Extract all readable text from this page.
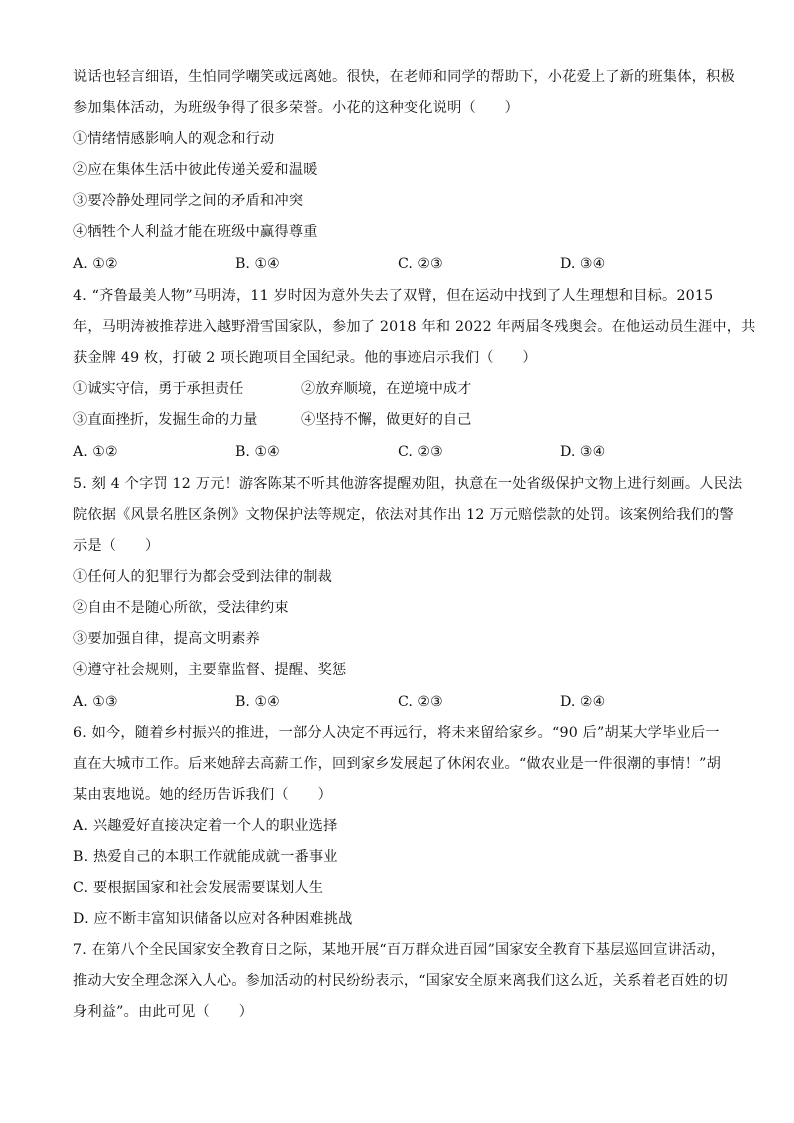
说话也轻言细语，生怕同学嘲笑或远离她。很快，在老师和同学的帮助下，小花爱上了新的班集体，积极
参加集体活动，为班级争得了很多荣誉。小花的这种变化说明（　　）
①情绪情感影响人的观念和行动
②应在集体生活中彼此传递关爱和温暖
③要冷静处理同学之间的矛盾和冲突
④牺牲个人利益才能在班级中赢得尊重
A. ①②	B. ①④	C. ②③	D. ③④
4. “齐鲁最美人物”马明涛，11 岁时因为意外失去了双臂，但在运动中找到了人生理想和目标。2015
年，马明涛被推荐进入越野滑雪国家队，参加了 2018 年和 2022 年两届冬残奥会。在他运动员生涯中，共
获金牌 49 枚，打破 2 项长跑项目全国纪录。他的事迹启示我们（　　）
①诚实守信，勇于承担责任	②放弃顺境，在逆境中成才
③直面挫折，发掘生命的力量	④坚持不懈，做更好的自己
A. ①②	B. ①④	C. ②③	D. ③④
5. 刻 4 个字罚 12 万元！游客陈某不听其他游客提醒劝阻，执意在一处省级保护文物上进行刻画。人民法
院依据《风景名胜区条例》文物保护法等规定，依法对其作出 12 万元赔偿款的处罚。该案例给我们的警
示是（　　）
①任何人的犯罪行为都会受到法律的制裁
②自由不是随心所欲，受法律约束
③要加强自律，提高文明素养
④遵守社会规则，主要靠监督、提醒、奖惩
A. ①③	B. ①④	C. ②③	D. ②④
6. 如今，随着乡村振兴的推进，一部分人决定不再远行，将未来留给家乡。“90 后”胡某大学毕业后一
直在大城市工作。后来她辞去高薪工作，回到家乡发展起了休闲农业。“做农业是一件很潮的事情！”胡
某由衷地说。她的经历告诉我们（　　）
A. 兴趣爱好直接决定着一个人的职业选择
B. 热爱自己的本职工作就能成就一番事业
C. 要根据国家和社会发展需要谋划人生
D. 应不断丰富知识储备以应对各种困难挑战
7. 在第八个全民国家安全教育日之际，某地开展“百万群众进百园”国家安全教育下基层巡回宣讲活动，
推动大安全理念深入人心。参加活动的村民纷纷表示，“国家安全原来离我们这么近，关系着老百姓的切
身利益”。由此可见（　　）
